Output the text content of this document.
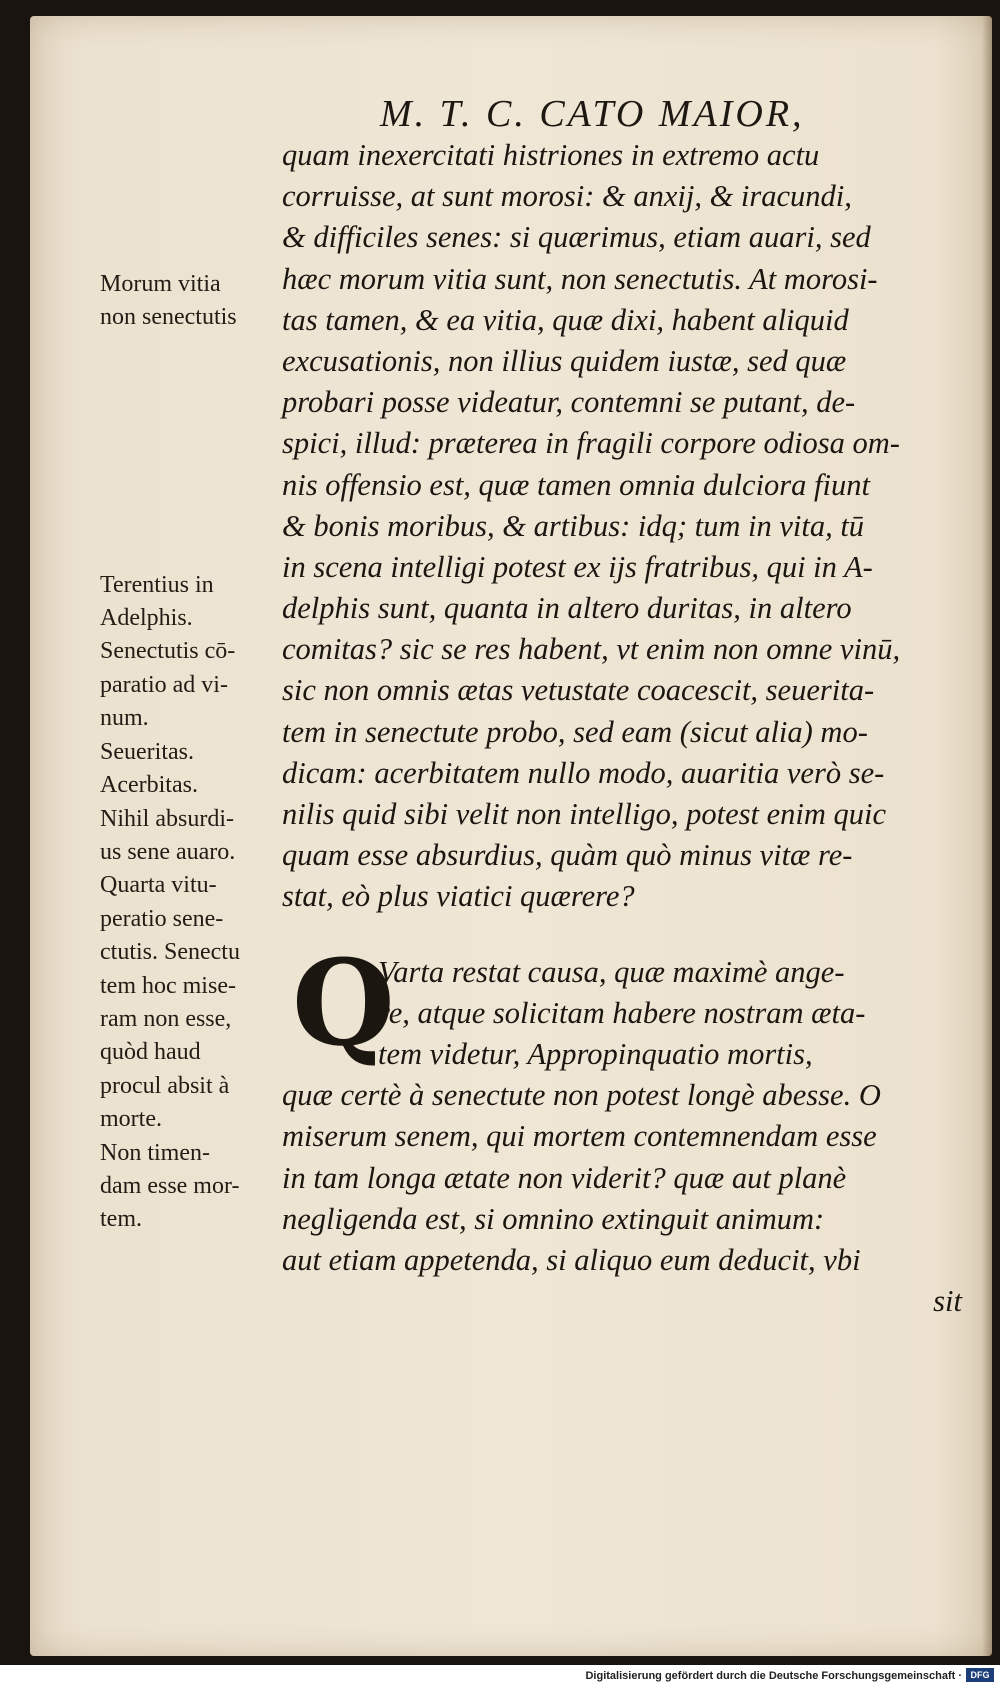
M. T. C. CATO MAIOR,
Morum vitia
non senectutis

Terentius in
Adelphis.
Senectutis cō-
paratio ad vi-
num.
Seueritas.
Acerbitas.
Nihil absurdi-
us sene auaro.
Quarta vitu-
peratio sene-
ctutis. Senectu
tem hoc mise-
ram non esse,
quòd haud
procul absit à
morte.
Non timen-
dam esse mor-
tem.
quam inexercitati histriones in extremo actu
corruisse, at sunt morosi: & anxij, & iracundi,
& difficiles senes: si quærimus, etiam auari, sed
hæc morum vitia sunt, non senectutis. At morosi-
tas tamen, & ea vitia, quæ dixi, habent aliquid
excusationis, non illius quidem iustæ, sed quæ
probari posse videatur, contemni se putant, de-
spici, illud: præterea in fragili corpore odiosa om-
nis offensio est, quæ tamen omnia dulciora fiunt
& bonis moribus, & artibus: idq; tum in vita, tū
in scena intelligi potest ex ijs fratribus, qui in A-
delphis sunt, quanta in altero duritas, in altero
comitas? sic se res habent, vt enim non omne vinū,
sic non omnis ætas vetustate coacescit, seuerita-
tem in senectute probo, sed eam (sicut alia) mo-
dicam: acerbitatem nullo modo, auaritia verò se-
nilis quid sibi velit non intelligo, potest enim quic
quam esse absurdius, quàm quò minus vitæ re-
stat, eò plus viatici quærere?
Varta restat causa, quæ maximè ange-
re, atque solicitam habere nostram æta-
tem videtur, Appropinquatio mortis,
quæ certè à senectute non potest longè abesse. O
miserum senem, qui mortem contemnendam esse
in tam longa ætate non viderit? quæ aut planè
negligenda est, si omnino extinguit animum:
aut etiam appetenda, si aliquo eum deducit, vbi
sit
Q
Digitalisierung gefördert durch die Deutsche Forschungsgemeinschaft · DFG
